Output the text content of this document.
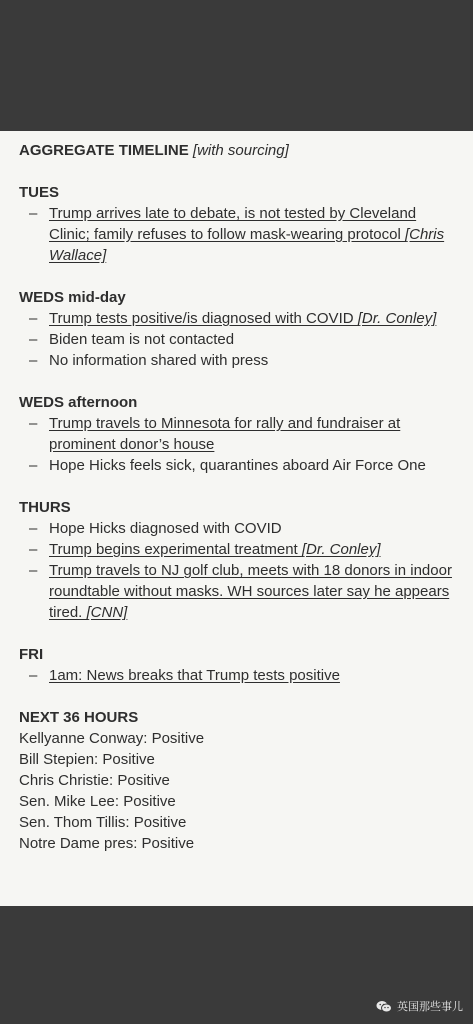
AGGREGATE TIMELINE [with sourcing]
TUES
– Trump arrives late to debate, is not tested by Cleveland Clinic; family refuses to follow mask-wearing protocol [Chris Wallace]
WEDS mid-day
– Trump tests positive/is diagnosed with COVID [Dr. Conley]
– Biden team is not contacted
– No information shared with press
WEDS afternoon
– Trump travels to Minnesota for rally and fundraiser at prominent donor’s house
– Hope Hicks feels sick, quarantines aboard Air Force One
THURS
– Hope Hicks diagnosed with COVID
– Trump begins experimental treatment [Dr. Conley]
– Trump travels to NJ golf club, meets with 18 donors in indoor roundtable without masks. WH sources later say he appears tired. [CNN]
FRI
– 1am: News breaks that Trump tests positive
NEXT 36 HOURS
Kellyanne Conway: Positive
Bill Stepien: Positive
Chris Christie: Positive
Sen. Mike Lee: Positive
Sen. Thom Tillis: Positive
Notre Dame pres: Positive
英国那些事儿
